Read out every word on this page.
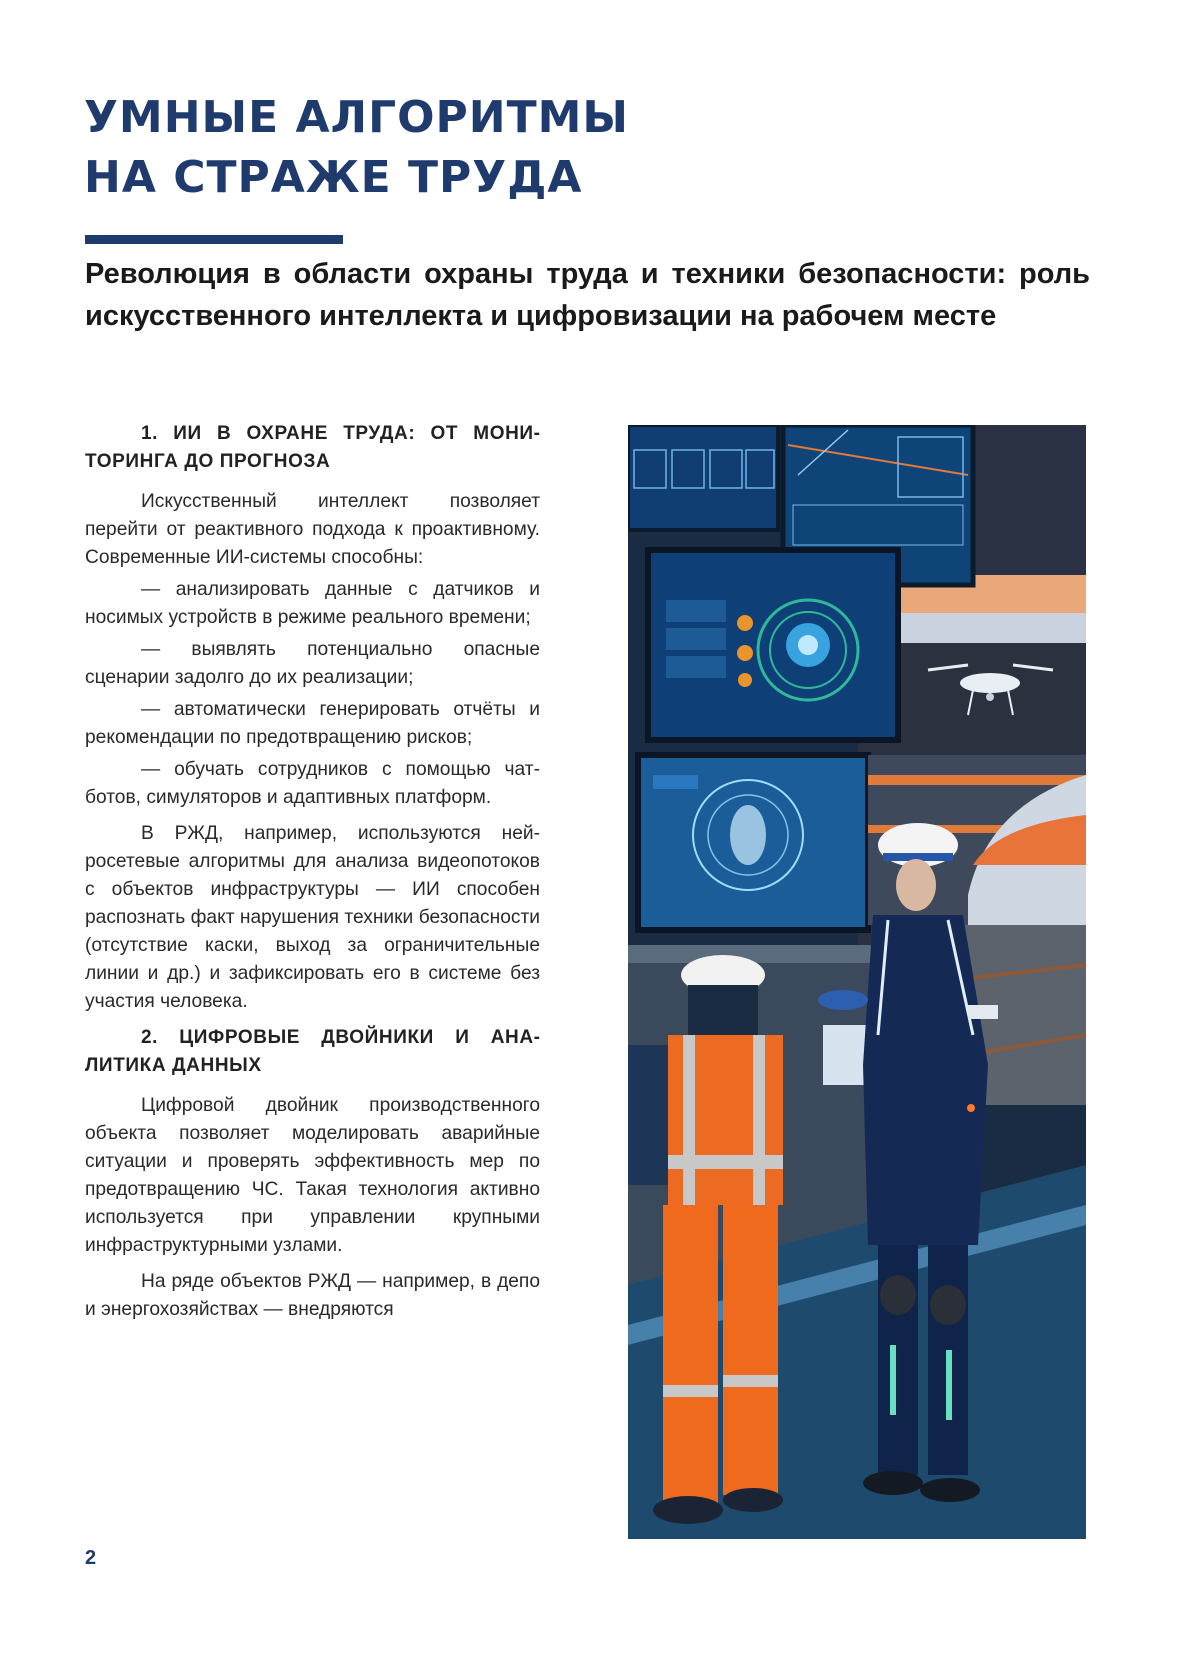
УМНЫЕ АЛГОРИТМЫ
НА СТРАЖЕ ТРУДА

Революция в области охраны труда и техники безопасности: роль искусственного интеллекта и цифровизации на рабочем месте

1. ИИ В ОХРАНЕ ТРУДА: ОТ МОНИТОРИНГА ДО ПРОГНОЗА

Искусственный интеллект позволяет перейти от реактивного подхода к проактивному. Современные ИИ-системы способны:

— анализировать данные с датчиков и носимых устройств в режиме реального времени;

— выявлять потенциально опасные сценарии задолго до их реализации;

— автоматически генерировать отчёты и рекомендации по предотвращению рисков;

— обучать сотрудников с помощью чат-ботов, симуляторов и адаптивных платформ.

В РЖД, например, используются нейросетевые алгоритмы для анализа видеопотоков с объектов инфраструктуры — ИИ способен распознать факт нарушения техники безопасности (отсутствие каски, выход за ограничительные линии и др.) и зафиксировать его в системе без участия человека.

2. ЦИФРОВЫЕ ДВОЙНИКИ И АНАЛИТИКА ДАННЫХ

Цифровой двойник производственного объекта позволяет моделировать аварийные ситуации и проверять эффективность мер по предотвращению ЧС. Такая технология активно используется при управлении крупными инфраструктурными узлами.

На ряде объектов РЖД — например, в депо и энергохозяйствах — внедряются

2
